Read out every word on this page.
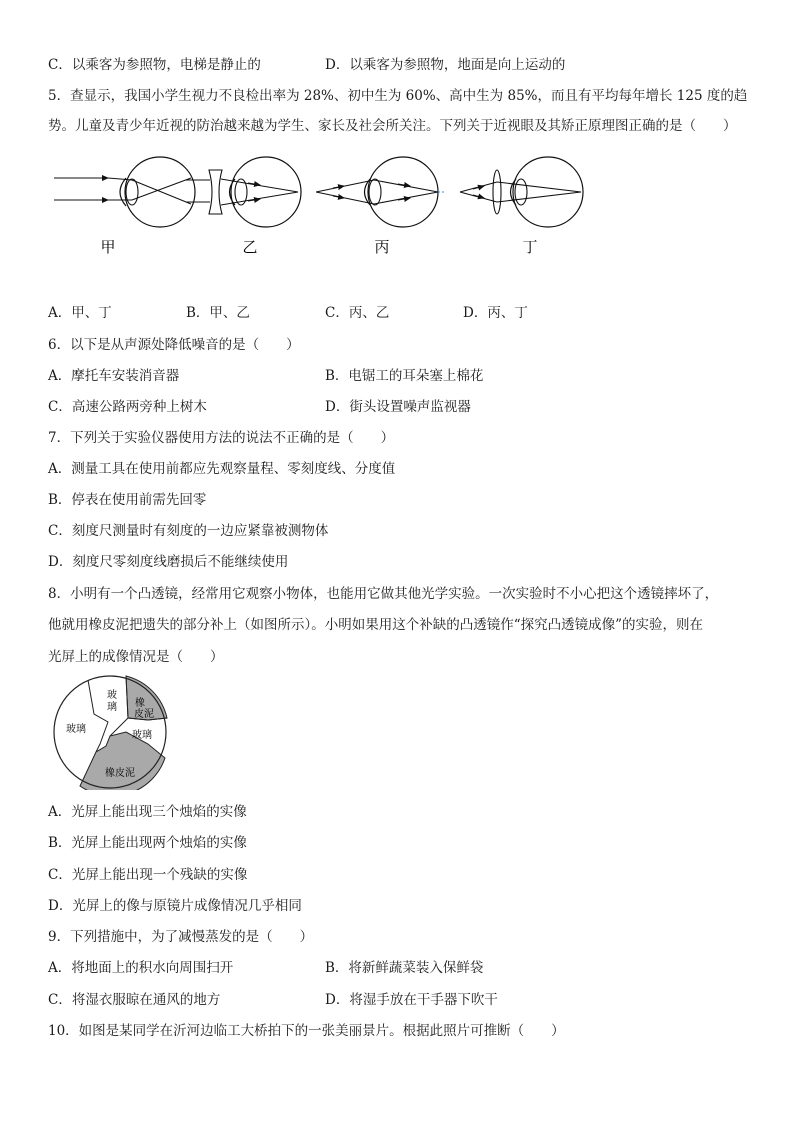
C．以乘客为参照物，电梯是静止的	D．以乘客为参照物，地面是向上运动的
5．查显示，我国小学生视力不良检出率为 28%、初中生为 60%、高中生为 85%，而且有平均每年增长 125 度的趋
势。儿童及青少年近视的防治越来越为学生、家长及社会所关注。下列关于近视眼及其矫正原理图正确的是（　　）
甲	乙	丙	丁
A．甲、丁	B．甲、乙	C．丙、乙	D．丙、丁
6．以下是从声源处降低噪音的是（　　）
A．摩托车安装消音器	B．电锯工的耳朵塞上棉花
C．高速公路两旁种上树木	D．街头设置噪声监视器
7．下列关于实验仪器使用方法的说法不正确的是（　　）
A．测量工具在使用前都应先观察量程、零刻度线、分度值
B．停表在使用前需先回零
C．刻度尺测量时有刻度的一边应紧靠被测物体
D．刻度尺零刻度线磨损后不能继续使用
8．小明有一个凸透镜，经常用它观察小物体，也能用它做其他光学实验。一次实验时不小心把这个透镜摔坏了，
他就用橡皮泥把遗失的部分补上（如图所示）。小明如果用这个补缺的凸透镜作“探究凸透镜成像”的实验，则在
光屏上的成像情况是（　　）
玻璃
玻
璃
玻璃
橡
皮泥
橡皮泥
A．光屏上能出现三个烛焰的实像
B．光屏上能出现两个烛焰的实像
C．光屏上能出现一个残缺的实像
D．光屏上的像与原镜片成像情况几乎相同
9．下列措施中，为了减慢蒸发的是（　　）
A．将地面上的积水向周围扫开	B．将新鲜蔬菜装入保鲜袋
C．将湿衣服晾在通风的地方	D．将湿手放在干手器下吹干
10．如图是某同学在沂河边临工大桥拍下的一张美丽景片。根据此照片可推断（　　）
